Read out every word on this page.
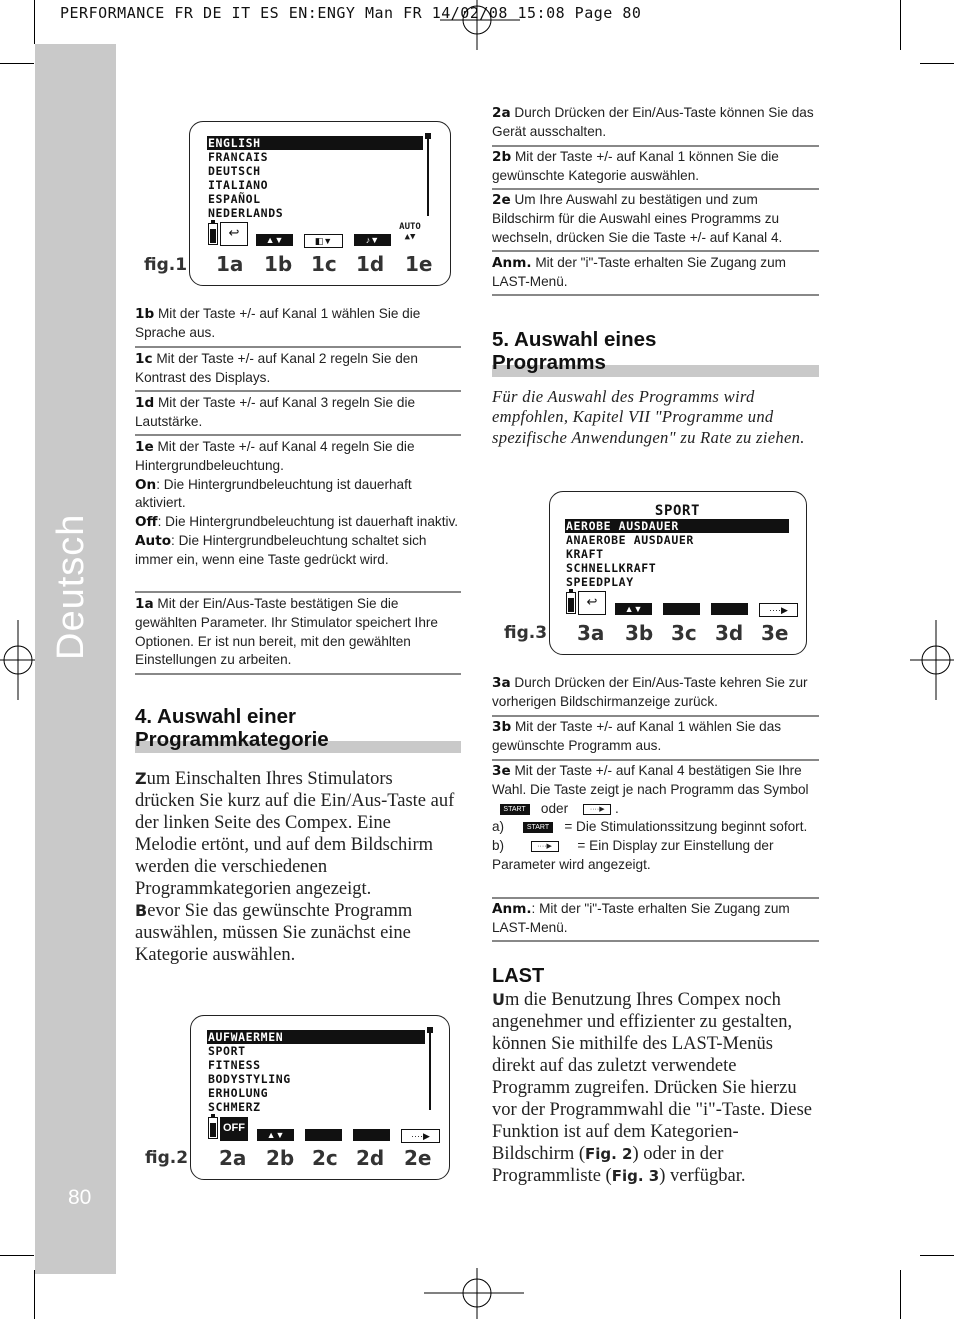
PERFORMANCE FR DE IT ES EN:ENGY Man FR 14/02/08 15:08 Page 80
Deutsch
80
ENGLISH
FRANCAIS
DEUTSCH
ITALIANO
ESPAÑOL
NEDERLANDS
↩	AUTO
▲▼
▲▼	◧▼	♪▼
fig.1 1a	1b 1c 1d	1e
1b Mit der Taste +/- auf Kanal 1 wählen Sie die Sprache aus.
1c Mit der Taste +/- auf Kanal 2 regeln Sie den Kontrast des Displays.
1d Mit der Taste +/- auf Kanal 3 regeln Sie die Lautstärke.
1e Mit der Taste +/- auf Kanal 4 regeln Sie die Hintergrundbeleuchtung.
On: Die Hintergrundbeleuchtung ist dauerhaft aktiviert.
Off: Die Hintergrundbeleuchtung ist dauerhaft inaktiv.
Auto: Die Hintergrundbeleuchtung schaltet sich immer ein, wenn eine Taste gedrückt wird.
1a Mit der Ein/Aus-Taste bestätigen Sie die gewählten Parameter. Ihr Stimulator speichert Ihre Optionen. Er ist nun bereit, mit den gewählten Einstellungen zu arbeiten.
4. Auswahl einer
Programmkategorie
Zum Einschalten Ihres Stimulators drücken Sie kurz auf die Ein/Aus-Taste auf der linken Seite des Compex. Eine Melodie ertönt, und auf dem Bildschirm werden die verschiedenen Programmkategorien angezeigt.
Bevor Sie das gewünschte Programm auswählen, müssen Sie zunächst eine Kategorie auswählen.
AUFWAERMEN
SPORT
FITNESS
BODYSTYLING
ERHOLUNG
SCHMERZ
OFF
▲▼	····▶
fig.2 2a 2b 2c 2d 2e
2a Durch Drücken der Ein/Aus-Taste können Sie das Gerät ausschalten.
2b Mit der Taste +/- auf Kanal 1 können Sie die gewünschte Kategorie auswählen.
2e Um Ihre Auswahl zu bestätigen und zum Bildschirm für die Auswahl eines Programms zu wechseln, drücken Sie die Taste +/- auf Kanal 4.
Anm. Mit der "i"-Taste erhalten Sie Zugang zum LAST-Menü.
5. Auswahl eines
Programms
Für die Auswahl des Programms wird empfohlen, Kapitel VII "Programme und spezifische Anwendungen" zu Rate zu ziehen.
SPORT
AEROBE AUSDAUER
ANAEROBE AUSDAUER
KRAFT
SCHNELLKRAFT
SPEEDPLAY
↩	▲▼	····▶
fig.3 3a	3b 3c 3d 3e
3a Durch Drücken der Ein/Aus-Taste kehren Sie zur vorherigen Bildschirmanzeige zurück.
3b Mit der Taste +/- auf Kanal 1 wählen Sie das gewünschte Programm aus.
3e Mit der Taste +/- auf Kanal 4 bestätigen Sie Ihre Wahl. Die Taste zeigt je nach Programm das Symbol   START oder	····▶ .
a)	START = Die Stimulationssitzung beginnt sofort.
b)	····▶ = Ein Display zur Einstellung der Parameter wird angezeigt.
Anm.: Mit der "i"-Taste erhalten Sie Zugang zum LAST-Menü.
LAST
Um die Benutzung Ihres Compex noch angenehmer und effizienter zu gestalten, können Sie mithilfe des LAST-Menüs direkt auf das zuletzt verwendete Programm zugreifen. Drücken Sie hierzu vor der Programmwahl die "i"-Taste. Diese Funktion ist auf dem Kategorien-Bildschirm (Fig. 2) oder in der Programmliste (Fig. 3) verfügbar.
